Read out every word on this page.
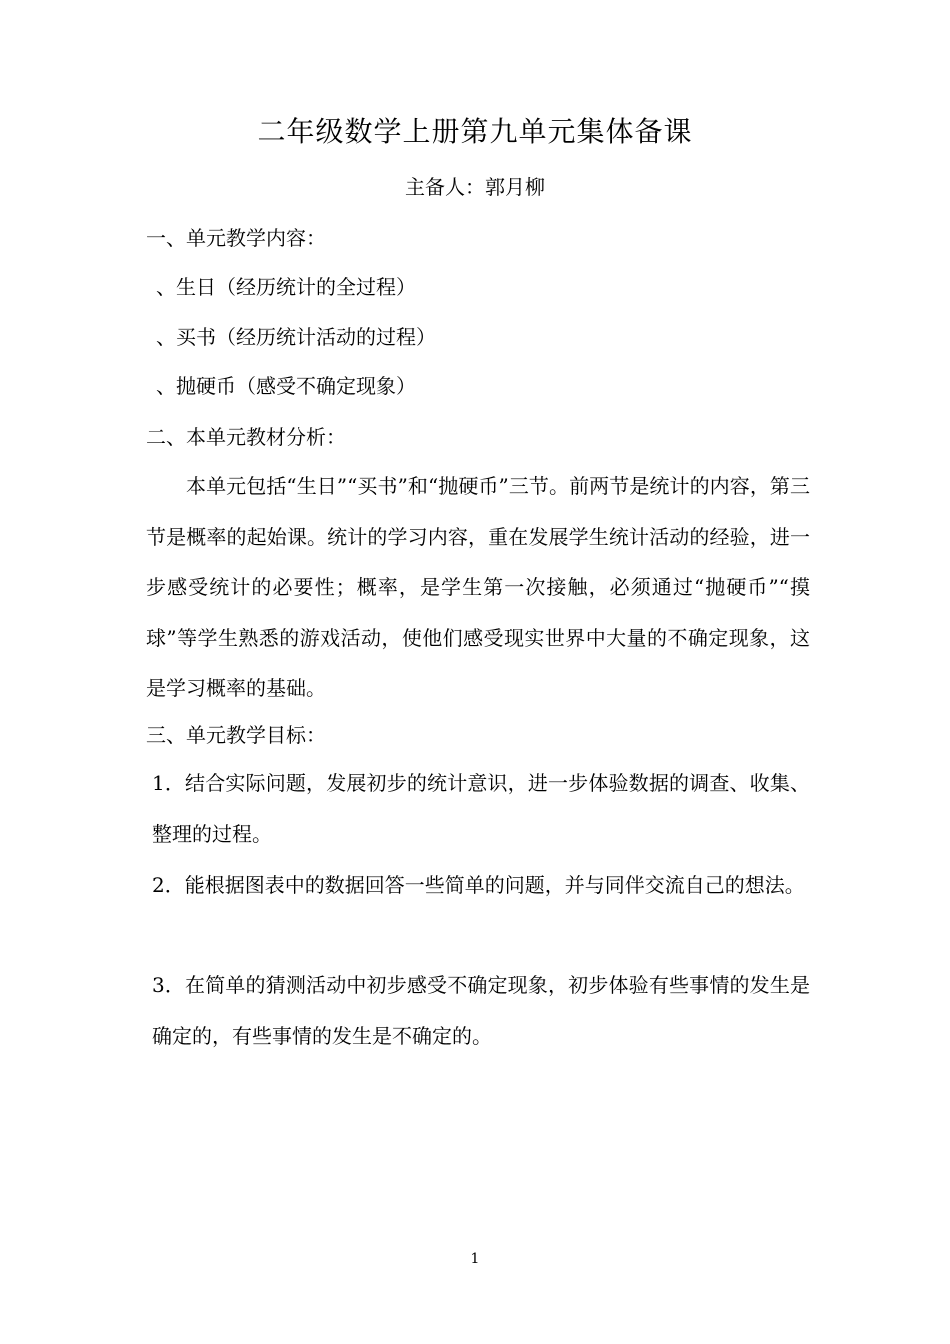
二年级数学上册第九单元集体备课
主备人：郭月柳
一、单元教学内容：
、生日（经历统计的全过程）
、买书（经历统计活动的过程）
、抛硬币（感受不确定现象）
二、本单元教材分析：
本单元包括“生日”“买书”和“抛硬币”三节。前两节是统计的内容，第三节是概率的起始课。统计的学习内容，重在发展学生统计活动的经验，进一步感受统计的必要性；概率，是学生第一次接触，必须通过“抛硬币”“摸球”等学生熟悉的游戏活动，使他们感受现实世界中大量的不确定现象，这是学习概率的基础。
三、单元教学目标：
1．结合实际问题，发展初步的统计意识，进一步体验数据的调查、收集、整理的过程。
2．能根据图表中的数据回答一些简单的问题，并与同伴交流自己的想法。
3．在简单的猜测活动中初步感受不确定现象，初步体验有些事情的发生是确定的，有些事情的发生是不确定的。
1
